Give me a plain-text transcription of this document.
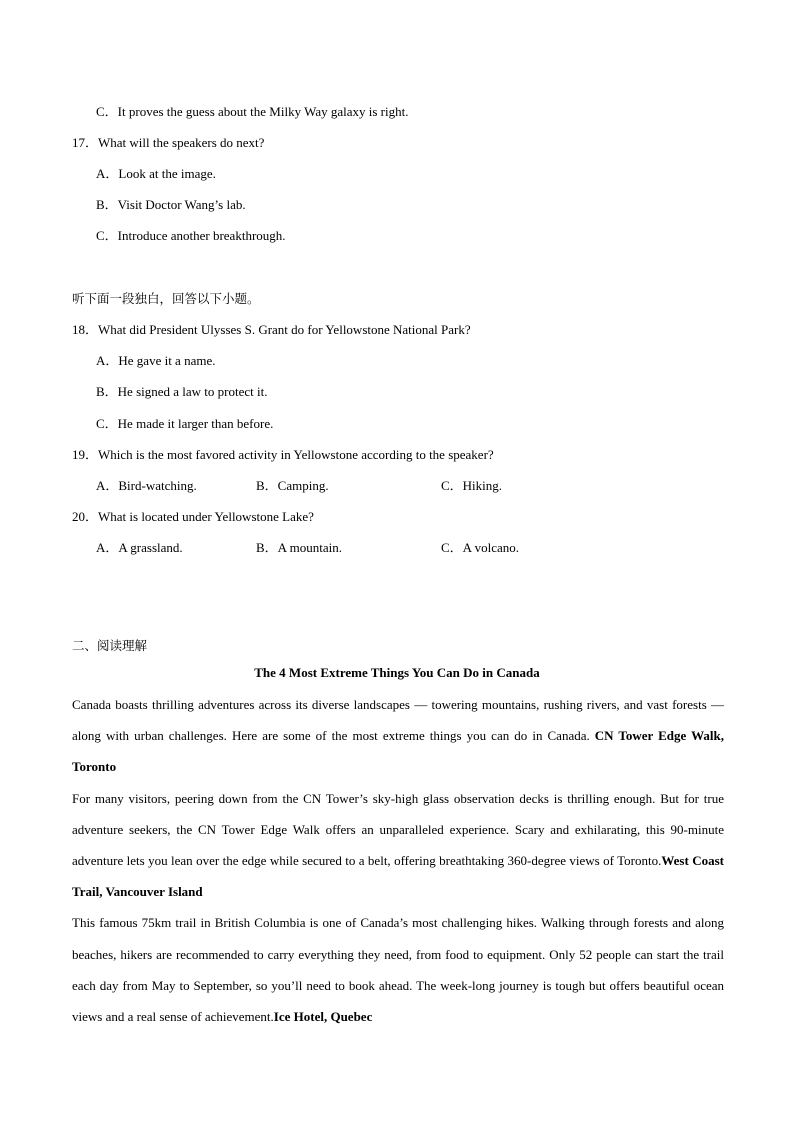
C．It proves the guess about the Milky Way galaxy is right.
17．What will the speakers do next?
A．Look at the image.
B．Visit Doctor Wang’s lab.
C．Introduce another breakthrough.
听下面一段独白，回答以下小题。
18．What did President Ulysses S. Grant do for Yellowstone National Park?
A．He gave it a name.
B．He signed a law to protect it.
C．He made it larger than before.
19．Which is the most favored activity in Yellowstone according to the speaker?
A．Bird-watching.	B．Camping.	C．Hiking.
20．What is located under Yellowstone Lake?
A．A grassland.	B．A mountain.	C．A volcano.
二、阅读理解
The 4 Most Extreme Things You Can Do in Canada
Canada boasts thrilling adventures across its diverse landscapes — towering mountains, rushing rivers, and vast forests — along with urban challenges. Here are some of the most extreme things you can do in Canada. CN Tower Edge Walk, Toronto
For many visitors, peering down from the CN Tower’s sky-high glass observation decks is thrilling enough. But for true adventure seekers, the CN Tower Edge Walk offers an unparalleled experience. Scary and exhilarating, this 90-minute adventure lets you lean over the edge while secured to a belt, offering breathtaking 360-degree views of Toronto.West Coast Trail, Vancouver Island
This famous 75km trail in British Columbia is one of Canada’s most challenging hikes. Walking through forests and along beaches, hikers are recommended to carry everything they need, from food to equipment. Only 52 people can start the trail each day from May to September, so you’ll need to book ahead. The week-long journey is tough but offers beautiful ocean views and a real sense of achievement.Ice Hotel, Quebec
